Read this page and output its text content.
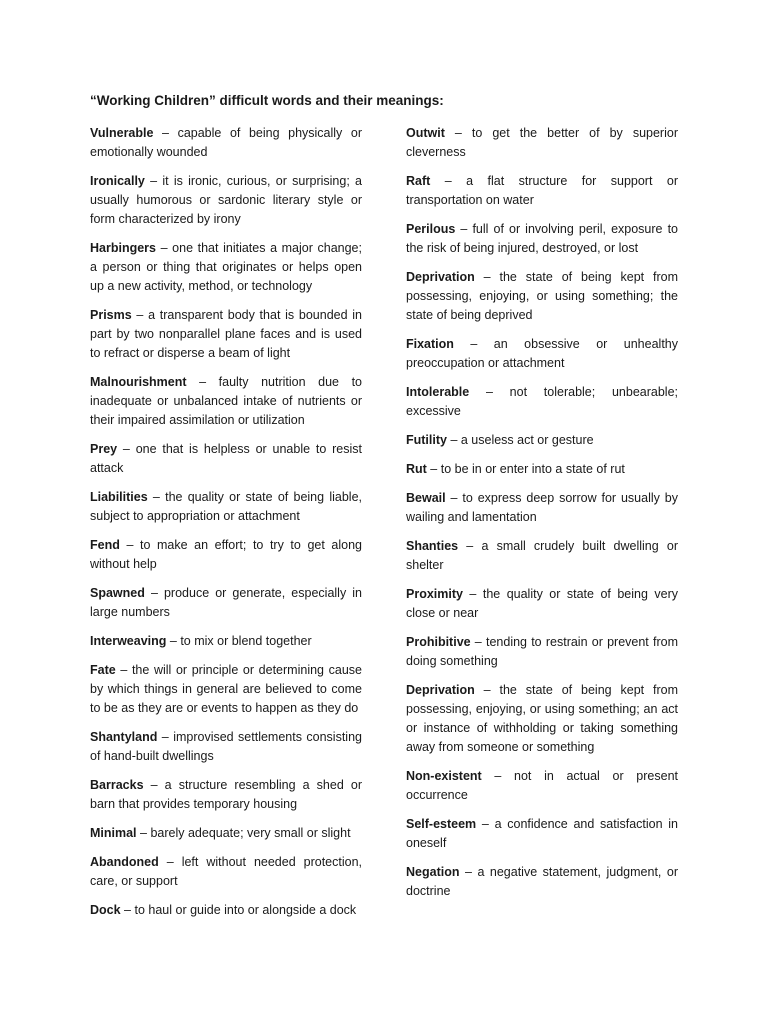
“Working Children” difficult words and their meanings:

Vulnerable – capable of being physically or emotionally wounded

Ironically – it is ironic, curious, or surprising; a usually humorous or sardonic literary style or form characterized by irony

Harbingers – one that initiates a major change; a person or thing that originates or helps open up a new activity, method, or technology

Prisms – a transparent body that is bounded in part by two nonparallel plane faces and is used to refract or disperse a beam of light

Malnourishment – faulty nutrition due to inadequate or unbalanced intake of nutrients or their impaired assimilation or utilization

Prey – one that is helpless or unable to resist attack

Liabilities – the quality or state of being liable, subject to appropriation or attachment

Fend – to make an effort; to try to get along without help

Spawned – produce or generate, especially in large numbers

Interweaving – to mix or blend together

Fate – the will or principle or determining cause by which things in general are believed to come to be as they are or events to happen as they do

Shantyland – improvised settlements consisting of hand-built dwellings

Barracks – a structure resembling a shed or barn that provides temporary housing

Minimal – barely adequate; very small or slight

Abandoned – left without needed protection, care, or support

Dock – to haul or guide into or alongside a dock

Outwit – to get the better of by superior cleverness

Raft – a flat structure for support or transportation on water

Perilous – full of or involving peril, exposure to the risk of being injured, destroyed, or lost

Deprivation – the state of being kept from possessing, enjoying, or using something; the state of being deprived

Fixation – an obsessive or unhealthy preoccupation or attachment

Intolerable – not tolerable; unbearable; excessive

Futility – a useless act or gesture

Rut – to be in or enter into a state of rut

Bewail – to express deep sorrow for usually by wailing and lamentation

Shanties – a small crudely built dwelling or shelter

Proximity – the quality or state of being very close or near

Prohibitive – tending to restrain or prevent from doing something

Deprivation – the state of being kept from possessing, enjoying, or using something; an act or instance of withholding or taking something away from someone or something

Non-existent – not in actual or present occurrence

Self-esteem – a confidence and satisfaction in oneself

Negation – a negative statement, judgment, or doctrine
